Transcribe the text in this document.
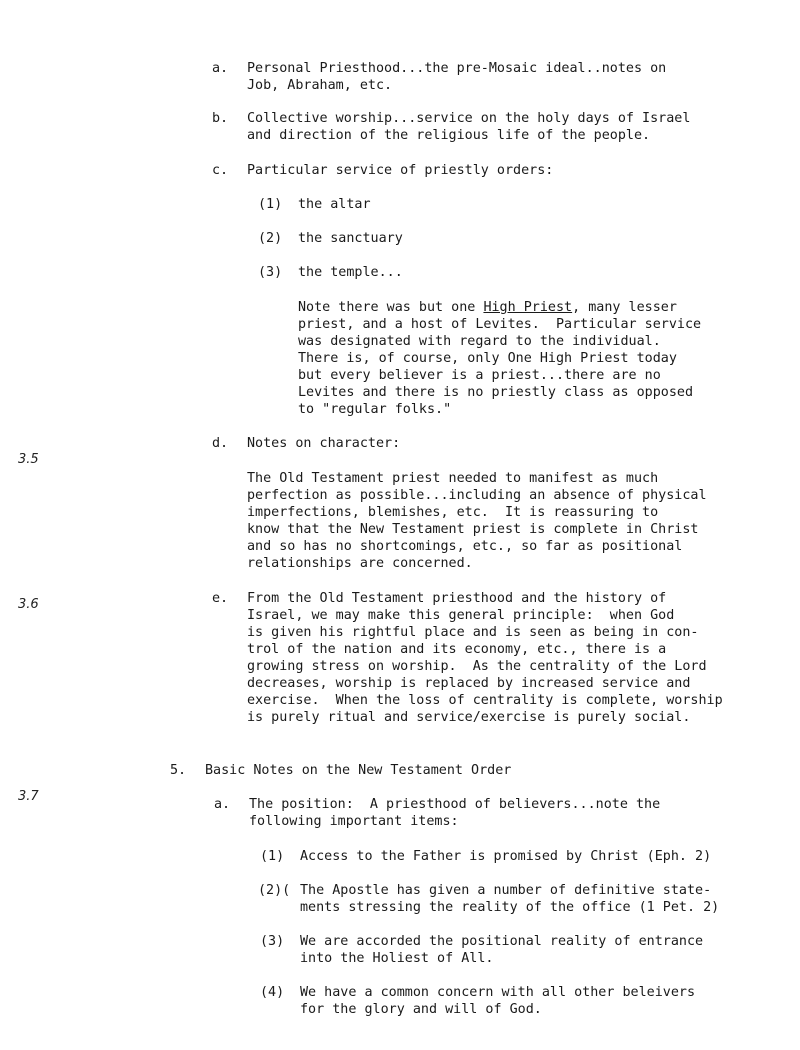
3.5
3.6
3.7
a. Personal Priesthood...the pre-Mosaic ideal..notes on
Job, Abraham, etc.
b. Collective worship...service on the holy days of Israel
and direction of the religious life of the people.
c. Particular service of priestly orders:
(1) the altar
(2) the sanctuary
(3) the temple...
Note there was but one High Priest, many lesser
priest, and a host of Levites.  Particular service
was designated with regard to the individual.
There is, of course, only One High Priest today
but every believer is a priest...there are no
Levites and there is no priestly class as opposed
to "regular folks."
d. Notes on character:
The Old Testament priest needed to manifest as much
perfection as possible...including an absence of physical
imperfections, blemishes, etc.  It is reassuring to
know that the New Testament priest is complete in Christ
and so has no shortcomings, etc., so far as positional
relationships are concerned.
e. From the Old Testament priesthood and the history of
Israel, we may make this general principle:  when God
is given his rightful place and is seen as being in con-
trol of the nation and its economy, etc., there is a
growing stress on worship.  As the centrality of the Lord
decreases, worship is replaced by increased service and
exercise.  When the loss of centrality is complete, worship
is purely ritual and service/exercise is purely social.
5. Basic Notes on the New Testament Order
a. The position:  A priesthood of believers...note the
following important items:
(1) Access to the Father is promised by Christ (Eph. 2)
(2)( The Apostle has given a number of definitive state-
ments stressing the reality of the office (1 Pet. 2)
(3) We are accorded the positional reality of entrance
into the Holiest of All.
(4) We have a common concern with all other beleivers
for the glory and will of God.
